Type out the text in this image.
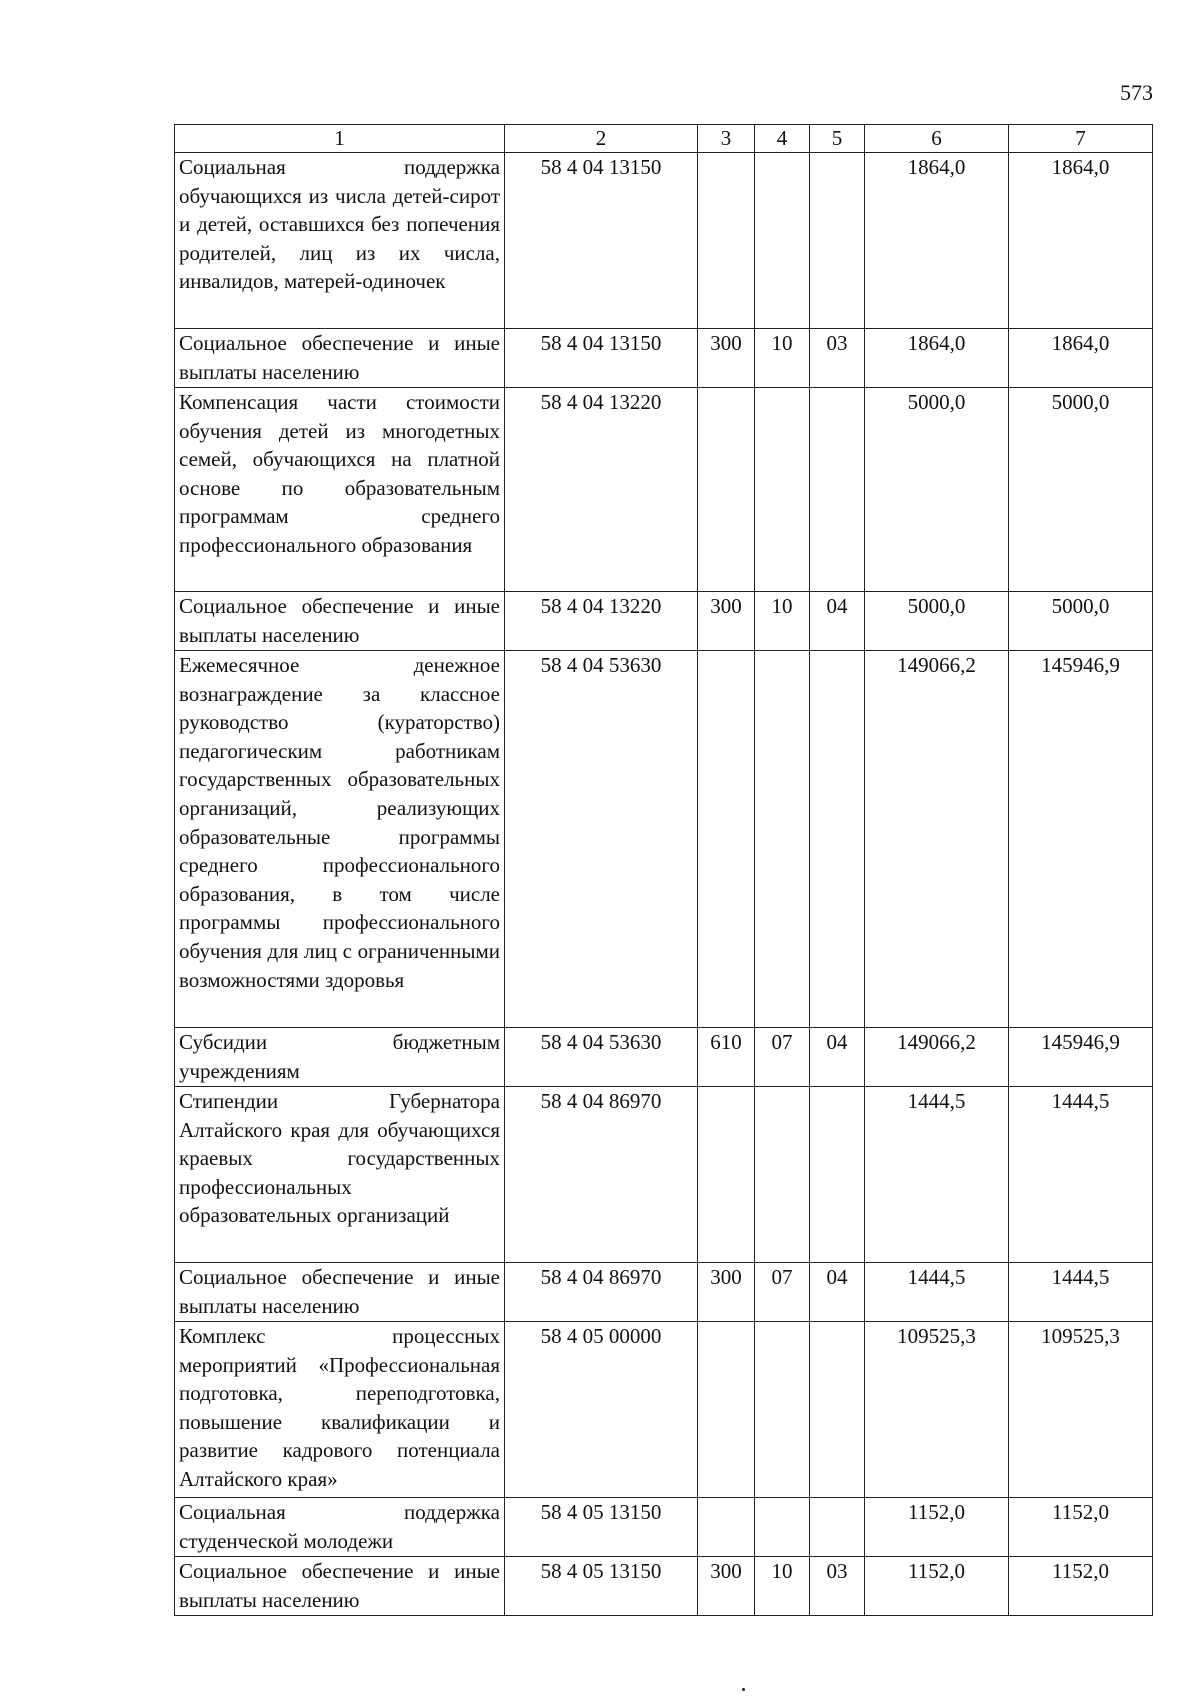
573
1	2	3	4	5	6	7
Социальная поддержка обучающихся из числа детей-сирот и детей, оставшихся без попечения родителей, лиц из их числа, инвалидов, матерей-одиночек	58 4 04 13150				1864,0	1864,0
Социальное обеспечение и иные выплаты населению	58 4 04 13150	300	10	03	1864,0	1864,0
Компенсация части стоимости обучения детей из многодетных семей, обучающихся на платной основе по образовательным программам среднего профессионального образования	58 4 04 13220				5000,0	5000,0
Социальное обеспечение и иные выплаты населению	58 4 04 13220	300	10	04	5000,0	5000,0
Ежемесячное денежное вознаграждение за классное руководство (кураторство) педагогическим работникам государственных образовательных организаций, реализующих образовательные программы среднего профессионального образования, в том числе программы профессионального обучения для лиц с ограниченными возможностями здоровья	58 4 04 53630				149066,2	145946,9
Субсидии бюджетным учреждениям	58 4 04 53630	610	07	04	149066,2	145946,9
Стипендии Губернатора Алтайского края для обучающихся краевых государственных профессиональных образовательных организаций	58 4 04 86970				1444,5	1444,5
Социальное обеспечение и иные выплаты населению	58 4 04 86970	300	07	04	1444,5	1444,5
Комплекс процессных мероприятий «Профессиональная подготовка, переподготовка, повышение квалификации и развитие кадрового потенциала Алтайского края»	58 4 05 00000				109525,3	109525,3
Социальная поддержка студенческой молодежи	58 4 05 13150				1152,0	1152,0
Социальное обеспечение и иные выплаты населению	58 4 05 13150	300	10	03	1152,0	1152,0
